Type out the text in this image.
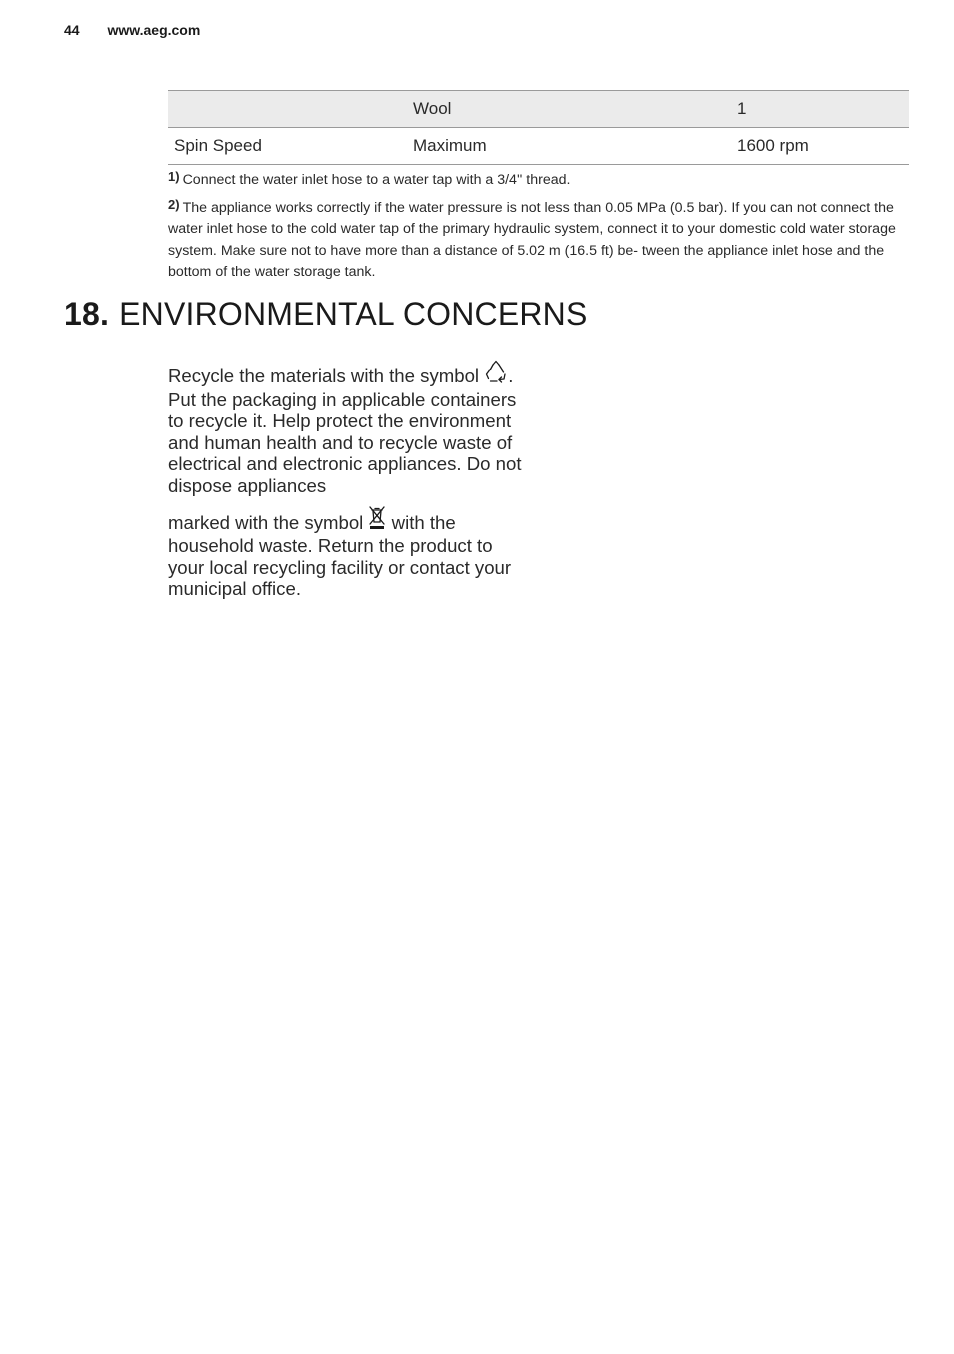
44 www.aeg.com
	Wool	1
Spin Speed	Maximum	1600 rpm

1) Connect the water inlet hose to a water tap with a 3/4'' thread.

2) The appliance works correctly if the water pressure is not less than 0.05 MPa (0.5 bar). If you can not connect the water inlet hose to the cold water tap of the primary hydraulic system, connect it to your domestic cold water storage system. Make sure not to have more than a distance of 5.02 m (16.5 ft) be- tween the appliance inlet hose and the bottom of the water storage tank.

18. ENVIRONMENTAL CONCERNS

Recycle the materials with the symbol . Put the packaging in applicable containers to recycle it. Help protect the environment and human health and to recycle waste of electrical and electronic appliances. Do not dispose appliances

marked with the symbol with the household waste. Return the product to your local recycling facility or contact your municipal office.
